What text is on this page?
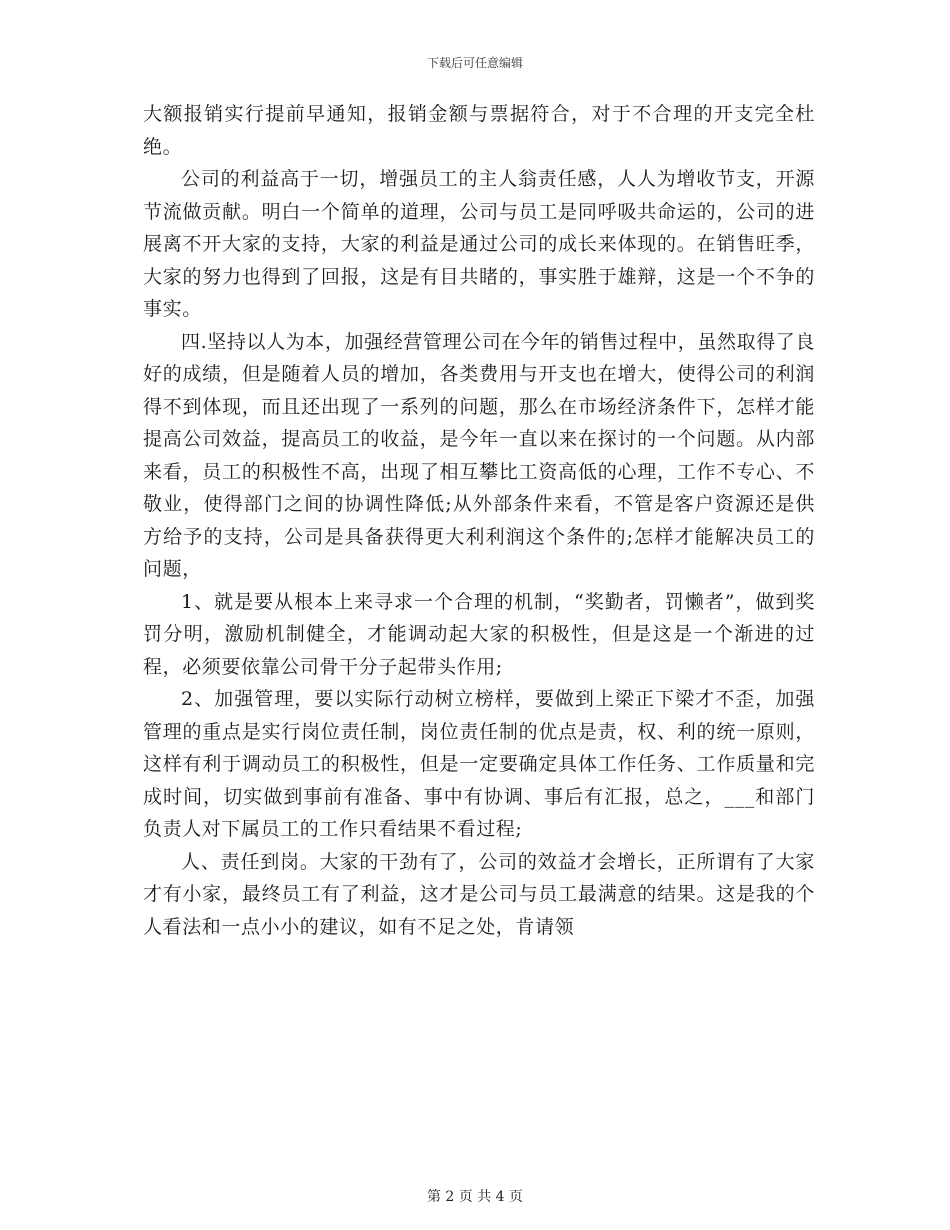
下载后可任意编辑

大额报销实行提前早通知，报销金额与票据符合，对于不合理的开支完全杜绝。

公司的利益高于一切，增强员工的主人翁责任感，人人为增收节支，开源节流做贡献。明白一个简单的道理，公司与员工是同呼吸共命运的，公司的进展离不开大家的支持，大家的利益是通过公司的成长来体现的。在销售旺季，大家的努力也得到了回报，这是有目共睹的，事实胜于雄辩，这是一个不争的事实。

四.坚持以人为本，加强经营管理公司在今年的销售过程中，虽然取得了良好的成绩，但是随着人员的增加，各类费用与开支也在增大，使得公司的利润得不到体现，而且还出现了一系列的问题，那么在市场经济条件下，怎样才能提高公司效益，提高员工的收益，是今年一直以来在探讨的一个问题。从内部来看，员工的积极性不高，出现了相互攀比工资高低的心理，工作不专心、不敬业，使得部门之间的协调性降低;从外部条件来看，不管是客户资源还是供方给予的支持，公司是具备获得更大利利润这个条件的;怎样才能解决员工的问题，

1、就是要从根本上来寻求一个合理的机制，“奖勤者，罚懒者”，做到奖罚分明，激励机制健全，才能调动起大家的积极性，但是这是一个渐进的过程，必须要依靠公司骨干分子起带头作用;

2、加强管理，要以实际行动树立榜样，要做到上梁正下梁才不歪，加强管理的重点是实行岗位责任制，岗位责任制的优点是责，权、利的统一原则，这样有利于调动员工的积极性，但是一定要确定具体工作任务、工作质量和完成时间，切实做到事前有准备、事中有协调、事后有汇报，总之，___和部门负责人对下属员工的工作只看结果不看过程;

人、责任到岗。大家的干劲有了，公司的效益才会增长，正所谓有了大家才有小家，最终员工有了利益，这才是公司与员工最满意的结果。这是我的个人看法和一点小小的建议，如有不足之处，肯请领

第 2 页 共 4 页
